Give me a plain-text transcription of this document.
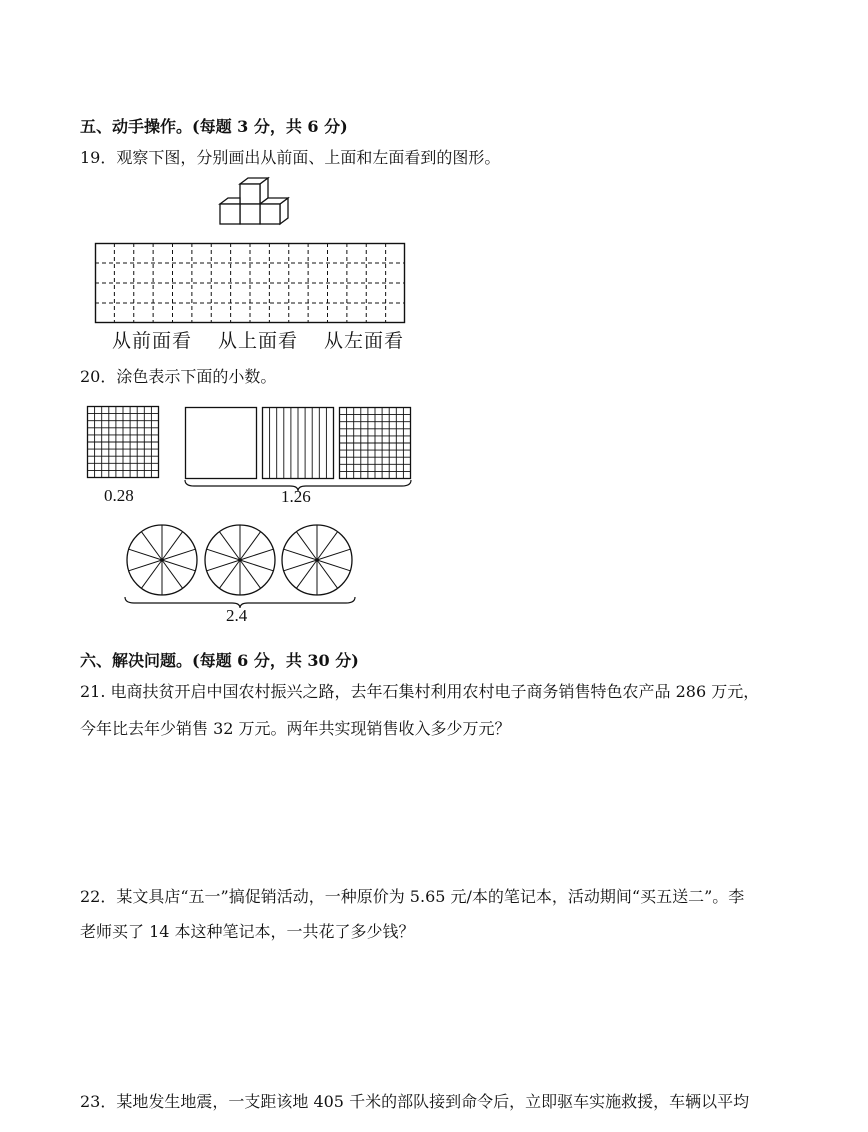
五、动手操作。(每题 3 分，共 6 分)
19．观察下图，分别画出从前面、上面和左面看到的图形。
从前面看 从上面看 从左面看
20．涂色表示下面的小数。
0.28	1.26
2.4
六、解决问题。(每题 6 分，共 30 分)
21. 电商扶贫开启中国农村振兴之路，去年石集村利用农村电子商务销售特色农产品 286 万元，
今年比去年少销售 32 万元。两年共实现销售收入多少万元？
22．某文具店“五一”搞促销活动，一种原价为 5.65 元/本的笔记本，活动期间“买五送二”。李
老师买了 14 本这种笔记本，一共花了多少钱？
23．某地发生地震，一支距该地 405 千米的部队接到命令后，立即驱车实施救援，车辆以平均
